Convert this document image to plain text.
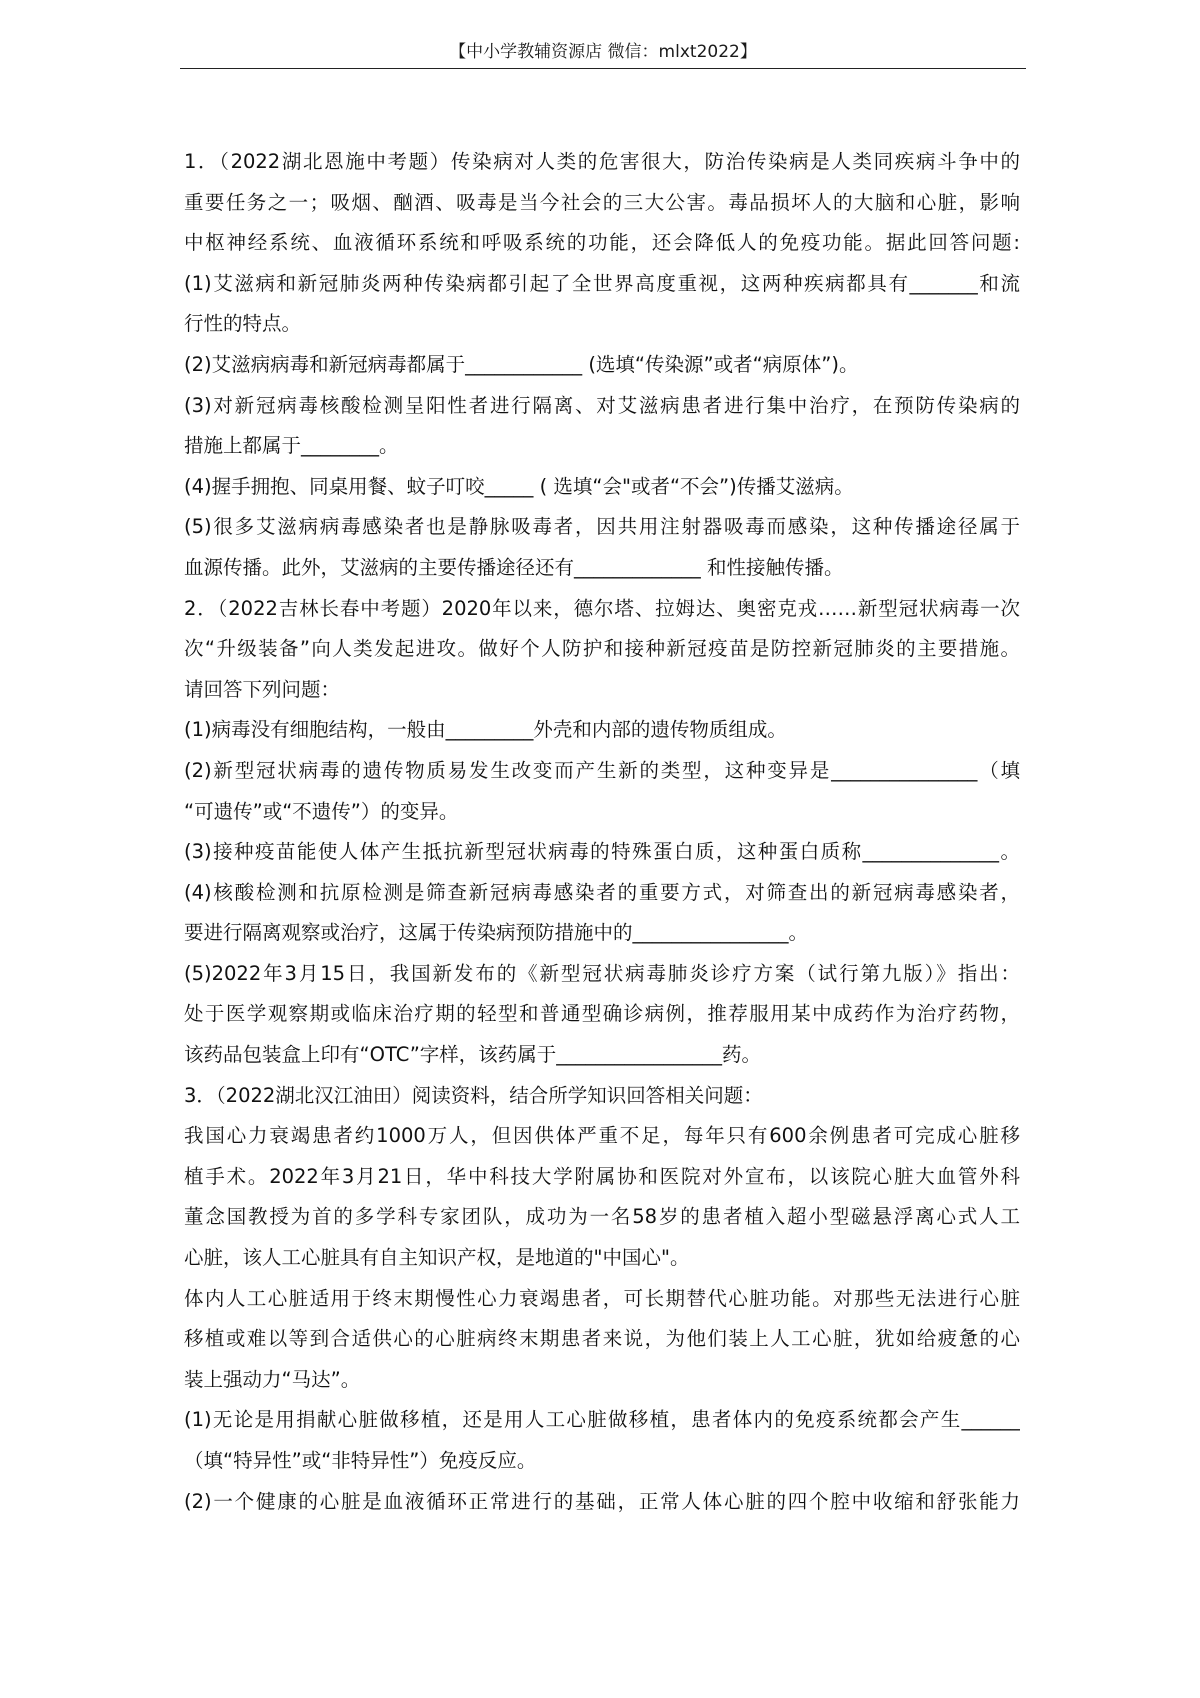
【中小学教辅资源店 微信：mlxt2022】
1．（2022湖北恩施中考题）传染病对人类的危害很大，防治传染病是人类同疾病斗争中的
重要任务之一；吸烟、酗酒、吸毒是当今社会的三大公害。毒品损坏人的大脑和心脏，影响
中枢神经系统、血液循环系统和呼吸系统的功能，还会降低人的免疫功能。据此回答问题:
(1)艾滋病和新冠肺炎两种传染病都引起了全世界高度重视，这两种疾病都具有_______和流
行性的特点。
(2)艾滋病病毒和新冠病毒都属于____________ (选填“传染源”或者“病原体”)。
(3)对新冠病毒核酸检测呈阳性者进行隔离、对艾滋病患者进行集中治疗，在预防传染病的
措施上都属于________。
(4)握手拥抱、同桌用餐、蚊子叮咬_____ ( 选填“会"或者“不会”)传播艾滋病。
(5)很多艾滋病病毒感染者也是静脉吸毒者，因共用注射器吸毒而感染，这种传播途径属于
血源传播。此外，艾滋病的主要传播途径还有_____________ 和性接触传播。
2．（2022吉林长春中考题）2020年以来，德尔塔、拉姆达、奥密克戎……新型冠状病毒一次
次“升级装备”向人类发起进攻。做好个人防护和接种新冠疫苗是防控新冠肺炎的主要措施。
请回答下列问题：
(1)病毒没有细胞结构，一般由_________外壳和内部的遗传物质组成。
(2)新型冠状病毒的遗传物质易发生改变而产生新的类型，这种变异是_______________（填
“可遗传”或“不遗传”）的变异。
(3)接种疫苗能使人体产生抵抗新型冠状病毒的特殊蛋白质，这种蛋白质称______________。
(4)核酸检测和抗原检测是筛查新冠病毒感染者的重要方式，对筛查出的新冠病毒感染者，
要进行隔离观察或治疗，这属于传染病预防措施中的________________。
(5)2022年3月15日，我国新发布的《新型冠状病毒肺炎诊疗方案（试行第九版）》指出：
处于医学观察期或临床治疗期的轻型和普通型确诊病例，推荐服用某中成药作为治疗药物，
该药品包装盒上印有“OTC”字样，该药属于_________________药。
3．（2022湖北汉江油田）阅读资料，结合所学知识回答相关问题：
我国心力衰竭患者约1000万人，但因供体严重不足，每年只有600余例患者可完成心脏移
植手术。2022年3月21日，华中科技大学附属协和医院对外宣布，以该院心脏大血管外科
董念国教授为首的多学科专家团队，成功为一名58岁的患者植入超小型磁悬浮离心式人工
心脏，该人工心脏具有自主知识产权，是地道的"中国心"。
体内人工心脏适用于终末期慢性心力衰竭患者，可长期替代心脏功能。对那些无法进行心脏
移植或难以等到合适供心的心脏病终末期患者来说，为他们装上人工心脏，犹如给疲惫的心
装上强动力“马达”。
(1)无论是用捐献心脏做移植，还是用人工心脏做移植，患者体内的免疫系统都会产生______
（填“特异性”或“非特异性”）免疫反应。
(2)一个健康的心脏是血液循环正常进行的基础，正常人体心脏的四个腔中收缩和舒张能力
